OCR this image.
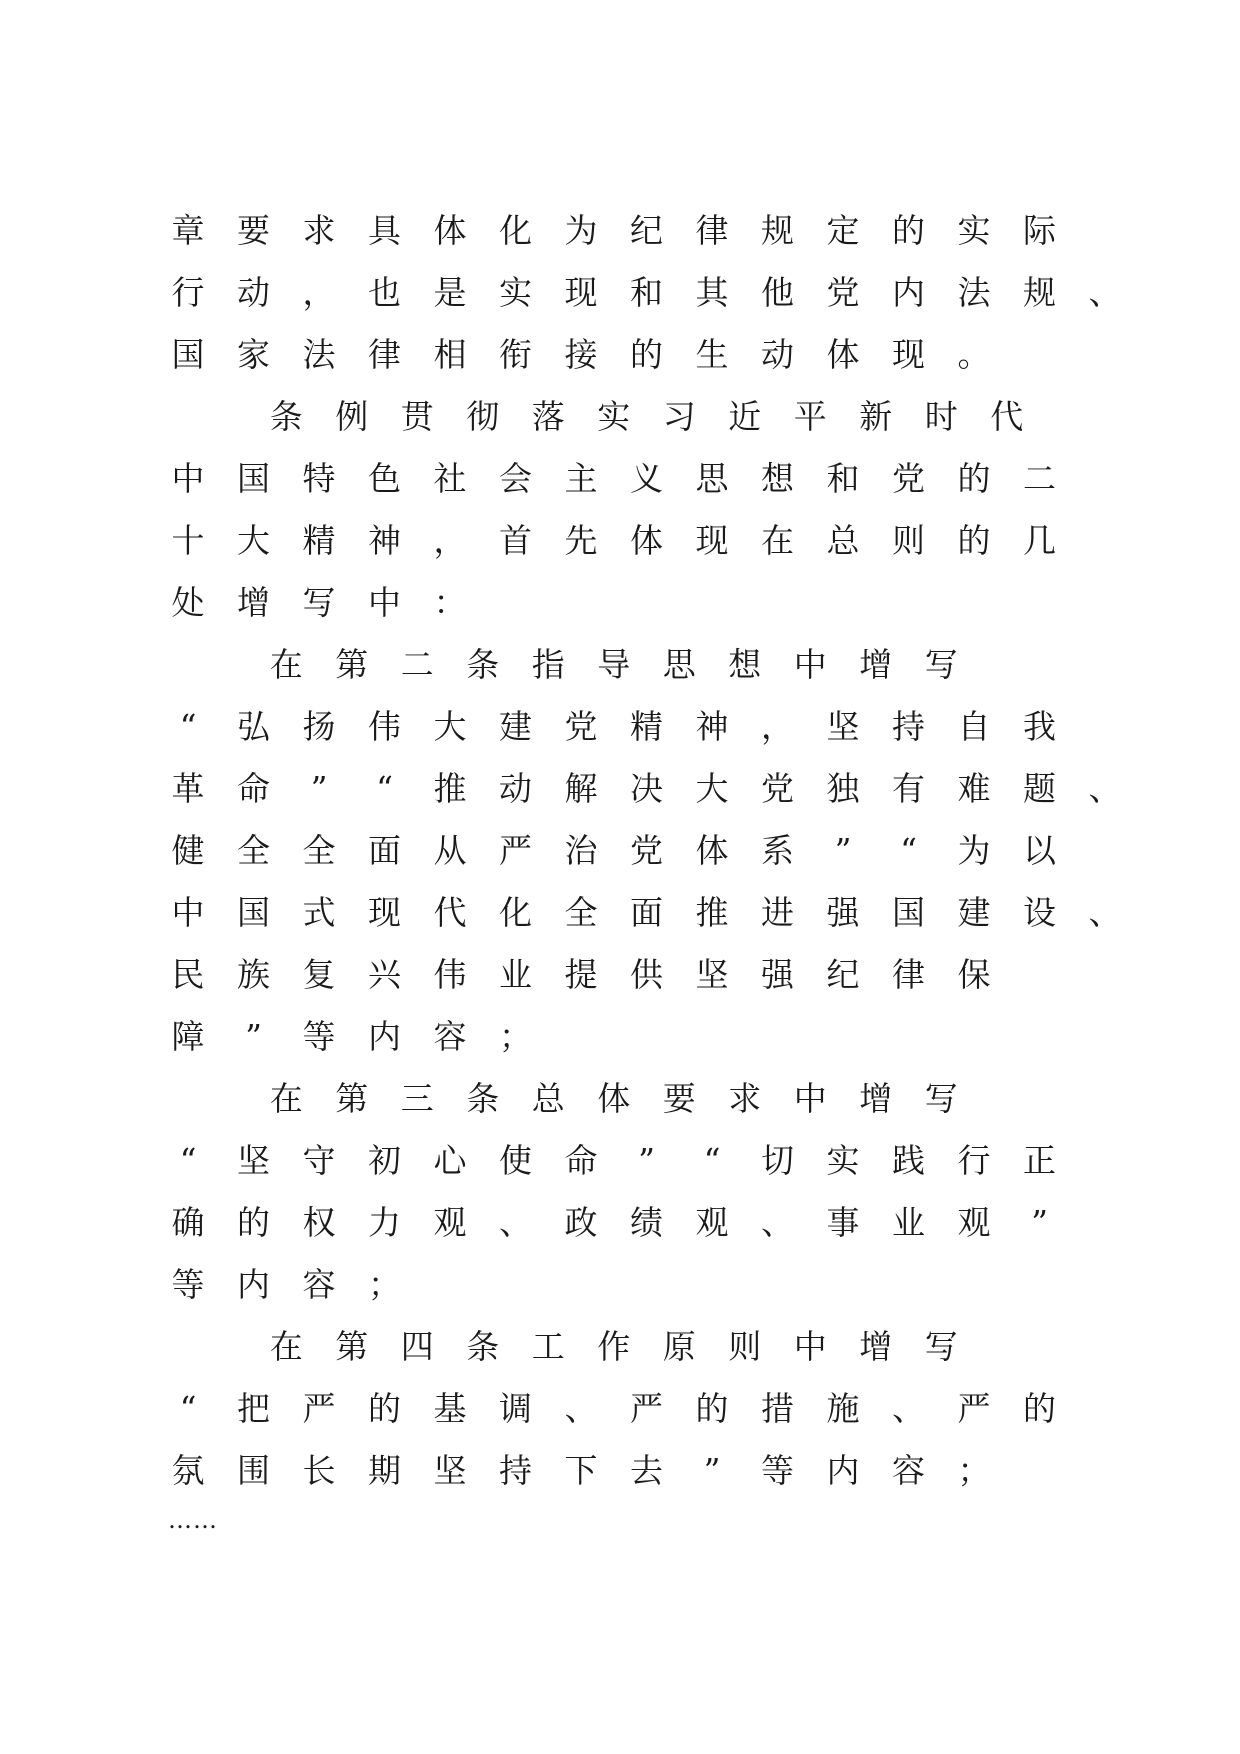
章 要 求 具 体 化 为 纪 律 规 定 的 实 际
行 动 ， 也 是 实 现 和 其 他 党 内 法 规 、
国 家 法 律 相 衔 接 的 生 动 体 现 。
条 例 贯 彻 落 实 习 近 平 新 时 代
中 国 特 色 社 会 主 义 思 想 和 党 的 二
十 大 精 神 ， 首 先 体 现 在 总 则 的 几
处 增 写 中 ：
在 第 二 条 指 导 思 想 中 增 写
“	弘 扬 伟 大 建 党 精 神 ， 坚 持 自 我
革 命	”	“	推 动 解 决 大 党 独 有 难 题 、
健 全 全 面 从 严 治 党 体 系	”	“	为 以
中 国 式 现 代 化 全 面 推 进 强 国 建 设 、
民 族 复 兴 伟 业 提 供 坚 强 纪 律 保
障	”	等 内 容 ；
在 第 三 条 总 体 要 求 中 增 写
“	坚 守 初 心 使 命	”	“	切 实 践 行 正
确 的 权 力 观 、 政 绩 观 、 事 业 观	”
等 内 容 ；
在 第 四 条 工 作 原 则 中 增 写
“	把 严 的 基 调 、 严 的 措 施 、 严 的
氛 围 长 期 坚 持 下 去	”	等 内 容 ；
……
